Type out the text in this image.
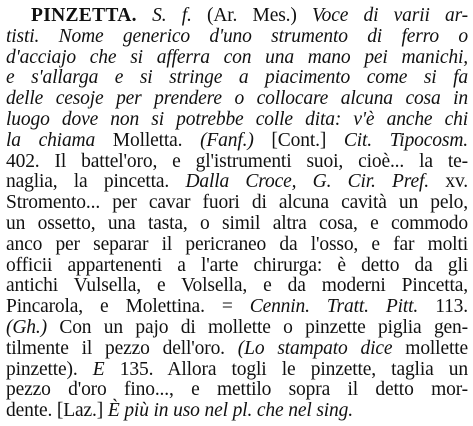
PINZETTA. S. f. (Ar. Mes.) Voce di varii ar-
tisti. Nome generico d'uno strumento di ferro o
d'acciajo che si afferra con una mano pei manichi,
e s'allarga e si stringe a piacimento come si fa
delle cesoje per prendere o collocare alcuna cosa in
luogo dove non si potrebbe colle dita: v'è anche chi
la chiama Molletta. (Fanf.) [Cont.] Cit. Tipocosm.
402. Il battel'oro, e gl'istrumenti suoi, cioè... la te-
naglia, la pincetta. Dalla Croce, G. Cir. Pref. xv.
Stromento... per cavar fuori di alcuna cavità un pelo,
un ossetto, una tasta, o simil altra cosa, e commodo
anco per separar il pericraneo da l'osso, e far molti
officii appartenenti a l'arte chirurga: è detto da gli
antichi Vulsella, e Volsella, e da moderni Pincetta,
Pincarola, e Molettina. = Cennin. Tratt. Pitt. 113.
(Gh.) Con un pajo di mollette o pinzette piglia gen-
tilmente il pezzo dell'oro. (Lo stampato dice mollette
pinzette). E 135. Allora togli le pinzette, taglia un
pezzo d'oro fino..., e mettilo sopra il detto mor-
dente. [Laz.] È più in uso nel pl. che nel sing.
